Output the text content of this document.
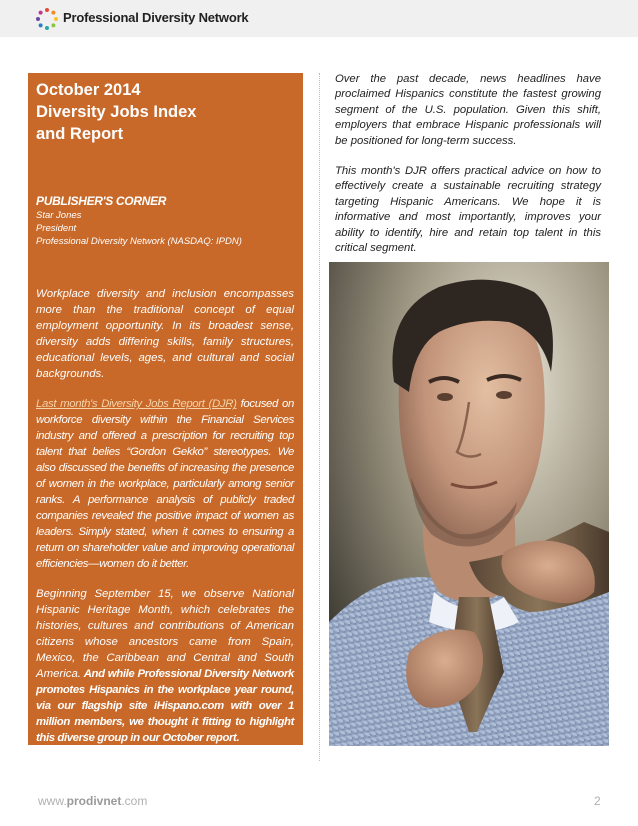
Professional Diversity Network
October 2014
Diversity Jobs Index
and Report

PUBLISHER'S CORNER

Star Jones

President

Professional Diversity Network (NASDAQ: IPDN)

Workplace diversity and inclusion encompasses more than the traditional concept of equal employment opportunity. In its broadest sense, diversity adds differing skills, family structures, educational levels, ages, and cultural and social backgrounds.

Last month's Diversity Jobs Report (DJR) focused on workforce diversity within the Financial Services industry and offered a prescription for recruiting top talent that belies “Gordon Gekko” stereotypes. We also discussed the benefits of increasing the presence of women in the workplace, particularly among senior ranks. A performance analysis of publicly traded companies revealed the positive impact of women as leaders. Simply stated, when it comes to ensuring a return on shareholder value and improving operational efficiencies—women do it better.

Beginning September 15, we observe National Hispanic Heritage Month, which celebrates the histories, cultures and contributions of American citizens whose ancestors came from Spain, Mexico, the Caribbean and Central and South America. And while Professional Diversity Network promotes Hispanics in the workplace year round, via our flagship site iHispano.com with over 1 million members, we thought it fitting to highlight this diverse group in our October report.

Over the past decade, news headlines have proclaimed Hispanics constitute the fastest growing segment of the U.S. population. Given this shift, employers that embrace Hispanic professionals will be positioned for long-term success.

This month's DJR offers practical advice on how to effectively create a sustainable recruiting strategy targeting Hispanic Americans. We hope it is informative and most importantly, improves your ability to identify, hire and retain top talent in this critical segment.

www.prodivnet.com	2
